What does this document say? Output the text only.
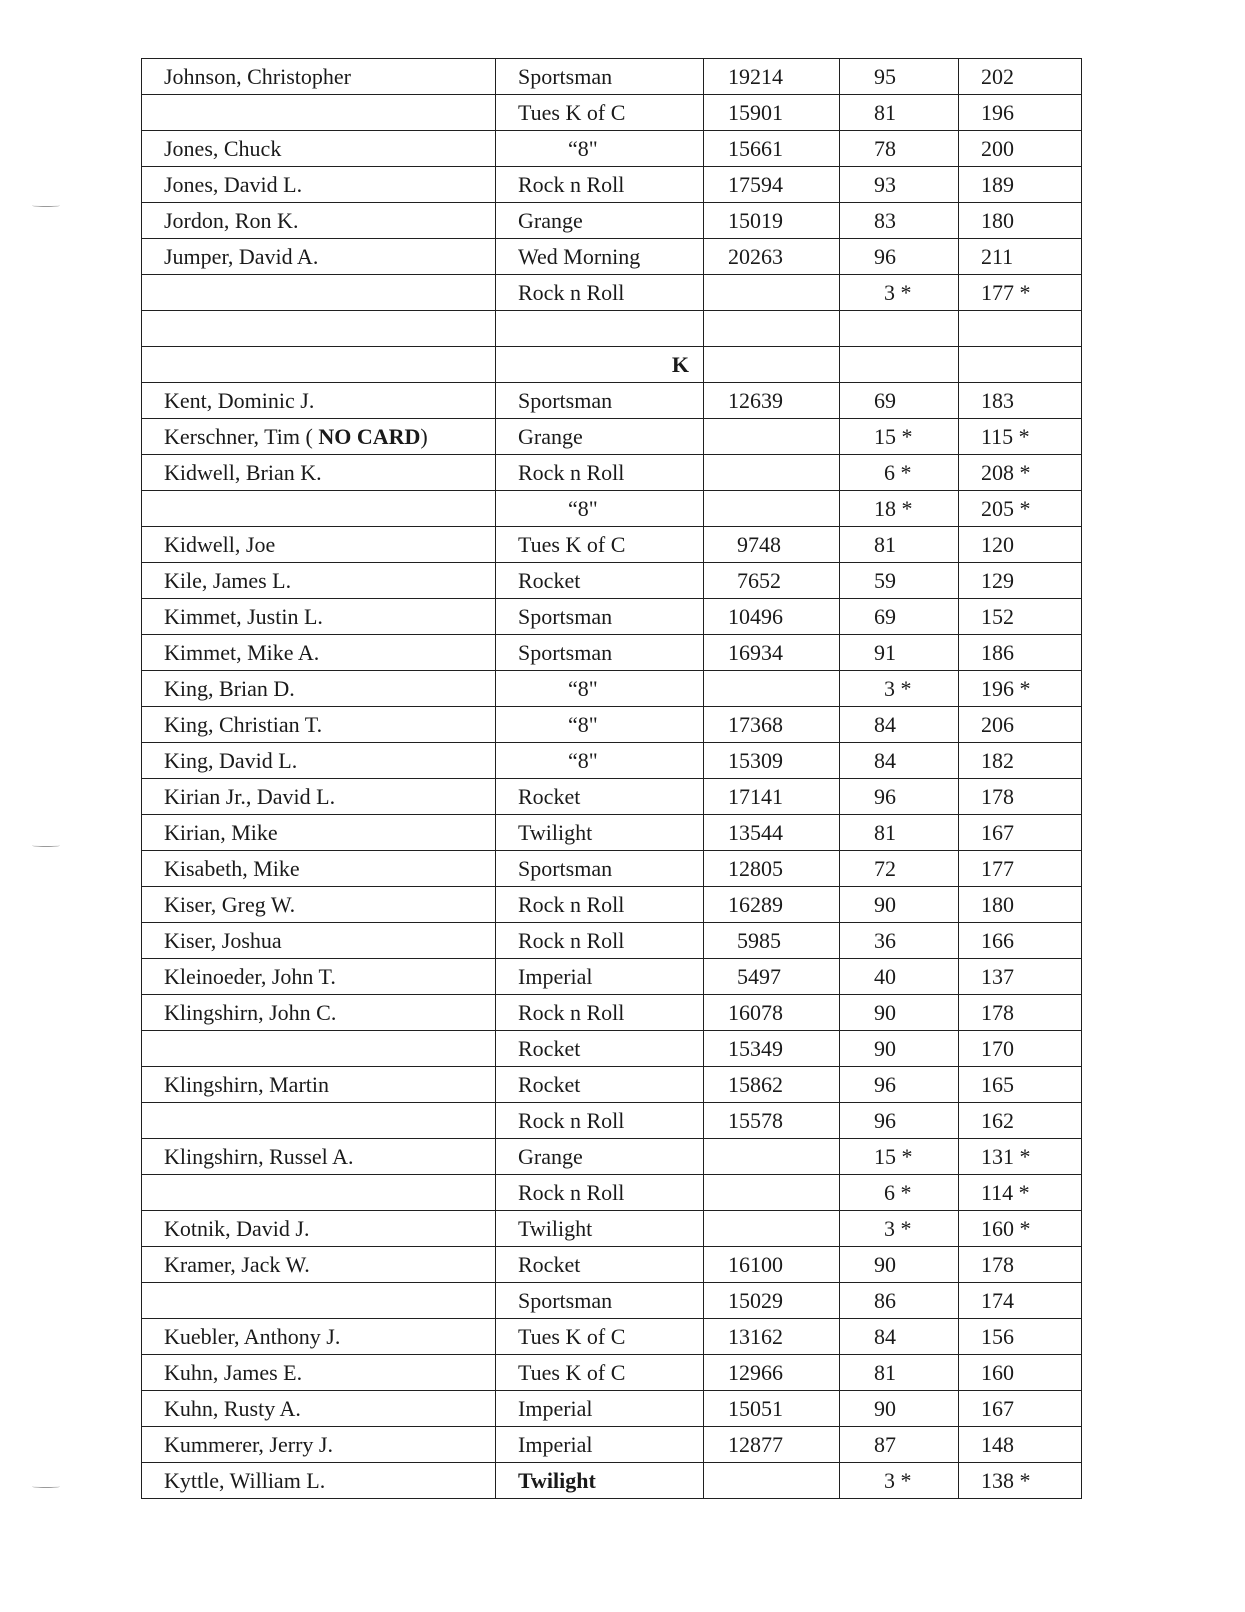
Johnson, Christopher	Sportsman	19214	95	202
	Tues K of C	15901	81	196
Jones, Chuck	“8"	15661	78	200
Jones, David L.	Rock n Roll	17594	93	189
Jordon, Ron K.	Grange	15019	83	180
Jumper, David A.	Wed Morning	20263	96	211
	Rock n Roll		3 *	177 *

	K			
Kent, Dominic J.	Sportsman	12639	69	183
Kerschner, Tim ( NO CARD)	Grange		15 *	115 *
Kidwell, Brian K.	Rock n Roll		6 *	208 *
	“8"		18 *	205 *
Kidwell, Joe	Tues K of C	9748	81	120
Kile, James L.	Rocket	7652	59	129
Kimmet, Justin L.	Sportsman	10496	69	152
Kimmet, Mike A.	Sportsman	16934	91	186
King, Brian D.	“8"		3 *	196 *
King, Christian T.	“8"	17368	84	206
King, David L.	“8"	15309	84	182
Kirian Jr., David L.	Rocket	17141	96	178
Kirian, Mike	Twilight	13544	81	167
Kisabeth, Mike	Sportsman	12805	72	177
Kiser, Greg W.	Rock n Roll	16289	90	180
Kiser, Joshua	Rock n Roll	5985	36	166
Kleinoeder, John T.	Imperial	5497	40	137
Klingshirn, John C.	Rock n Roll	16078	90	178
	Rocket	15349	90	170
Klingshirn, Martin	Rocket	15862	96	165
	Rock n Roll	15578	96	162
Klingshirn, Russel A.	Grange		15 *	131 *
	Rock n Roll		6 *	114 *
Kotnik, David J.	Twilight		3 *	160 *
Kramer, Jack W.	Rocket	16100	90	178
	Sportsman	15029	86	174
Kuebler, Anthony J.	Tues K of C	13162	84	156
Kuhn, James E.	Tues K of C	12966	81	160
Kuhn, Rusty A.	Imperial	15051	90	167
Kummerer, Jerry J.	Imperial	12877	87	148
Kyttle, William L.	Twilight		3 *	138 *
